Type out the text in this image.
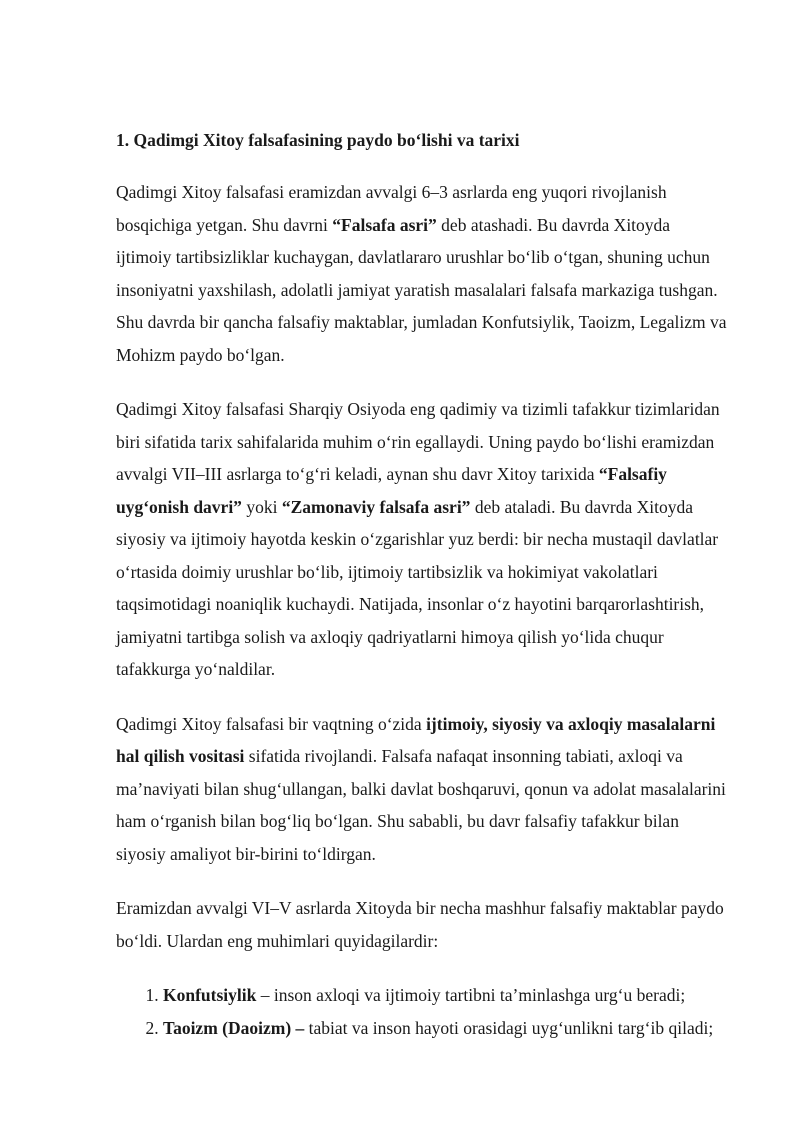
1. Qadimgi Xitoy falsafasining paydo bo‘lishi va tarixi

Qadimgi Xitoy falsafasi eramizdan avvalgi 6–3 asrlarda eng yuqori rivojlanish bosqichiga yetgan. Shu davrni “Falsafa asri” deb atashadi. Bu davrda Xitoyda ijtimoiy tartibsizliklar kuchaygan, davlatlararo urushlar bo‘lib o‘tgan, shuning uchun insoniyatni yaxshilash, adolatli jamiyat yaratish masalalari falsafa markaziga tushgan. Shu davrda bir qancha falsafiy maktablar, jumladan Konfutsiylik, Taoizm, Legalizm va Mohizm paydo bo‘lgan.

Qadimgi Xitoy falsafasi Sharqiy Osiyoda eng qadimiy va tizimli tafakkur tizimlaridan biri sifatida tarix sahifalarida muhim o‘rin egallaydi. Uning paydo bo‘lishi eramizdan avvalgi VII–III asrlarga to‘g‘ri keladi, aynan shu davr Xitoy tarixida “Falsafiy uyg‘onish davri” yoki “Zamonaviy falsafa asri” deb ataladi. Bu davrda Xitoyda siyosiy va ijtimoiy hayotda keskin o‘zgarishlar yuz berdi: bir necha mustaqil davlatlar o‘rtasida doimiy urushlar bo‘lib, ijtimoiy tartibsizlik va hokimiyat vakolatlari taqsimotidagi noaniqlik kuchaydi. Natijada, insonlar o‘z hayotini barqarorlashtirish, jamiyatni tartibga solish va axloqiy qadriyatlarni himoya qilish yo‘lida chuqur tafakkurga yo‘naldilar.

Qadimgi Xitoy falsafasi bir vaqtning o‘zida ijtimoiy, siyosiy va axloqiy masalalarni hal qilish vositasi sifatida rivojlandi. Falsafa nafaqat insonning tabiati, axloqi va ma’naviyati bilan shug‘ullangan, balki davlat boshqaruvi, qonun va adolat masalalarini ham o‘rganish bilan bog‘liq bo‘lgan. Shu sababli, bu davr falsafiy tafakkur bilan siyosiy amaliyot bir-birini to‘ldirgan.

Eramizdan avvalgi VI–V asrlarda Xitoyda bir necha mashhur falsafiy maktablar paydo bo‘ldi. Ulardan eng muhimlari quyidagilardir:

1. Konfutsiylik – inson axloqi va ijtimoiy tartibni ta’minlashga urg‘u beradi;
2. Taoizm (Daoizm) – tabiat va inson hayoti orasidagi uyg‘unlikni targ‘ib qiladi;
